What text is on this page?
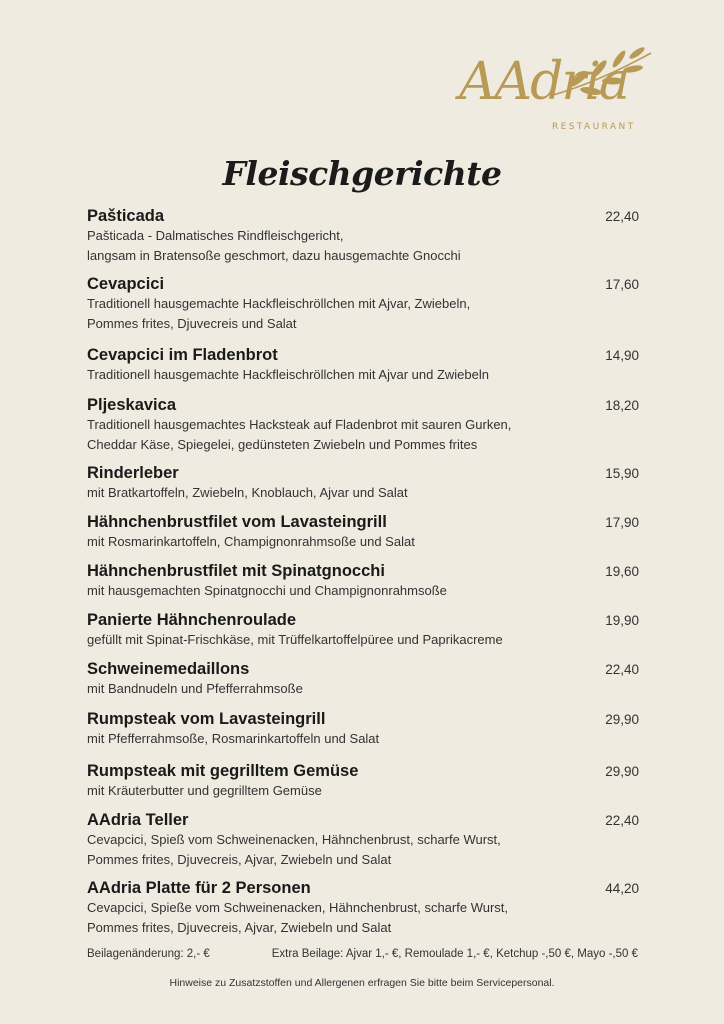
AAdria
RESTAURANT
Fleischgerichte
Pašticada	22,40
Pašticada - Dalmatisches Rindfleischgericht,
langsam in Bratensoße geschmort, dazu hausgemachte Gnocchi
Cevapcici	17,60
Traditionell hausgemachte Hackfleischröllchen mit Ajvar, Zwiebeln,
Pommes frites, Djuvecreis und Salat
Cevapcici im Fladenbrot	14,90
Traditionell hausgemachte Hackfleischröllchen mit Ajvar und Zwiebeln
Pljeskavica	18,20
Traditionell hausgemachtes Hacksteak auf Fladenbrot mit sauren Gurken,
Cheddar Käse, Spiegelei, gedünsteten Zwiebeln und Pommes frites
Rinderleber	15,90
mit Bratkartoffeln, Zwiebeln, Knoblauch, Ajvar und Salat
Hähnchenbrustfilet vom Lavasteingrill	17,90
mit Rosmarinkartoffeln, Champignonrahmsoße und Salat
Hähnchenbrustfilet mit Spinatgnocchi	19,60
mit hausgemachten Spinatgnocchi und Champignonrahmsoße
Panierte Hähnchenroulade	19,90
gefüllt mit Spinat-Frischkäse, mit Trüffelkartoffelpüree und Paprikacreme
Schweinemedaillons	22,40
mit Bandnudeln und Pfefferrahmsoße
Rumpsteak vom Lavasteingrill	29,90
mit Pfefferrahmsoße, Rosmarinkartoffeln und Salat
Rumpsteak mit gegrilltem Gemüse	29,90
mit Kräuterbutter und gegrilltem Gemüse
AAdria Teller	22,40
Cevapcici, Spieß vom Schweinenacken, Hähnchenbrust, scharfe Wurst,
Pommes frites, Djuvecreis, Ajvar, Zwiebeln und Salat
AAdria Platte für 2 Personen	44,20
Cevapcici, Spieße vom Schweinenacken, Hähnchenbrust, scharfe Wurst,
Pommes frites, Djuvecreis, Ajvar, Zwiebeln und Salat
Beilagenänderung: 2,- €	Extra Beilage: Ajvar 1,- €, Remoulade 1,- €, Ketchup -,50 €, Mayo -,50 €
Hinweise zu Zusatzstoffen und Allergenen erfragen Sie bitte beim Servicepersonal.
